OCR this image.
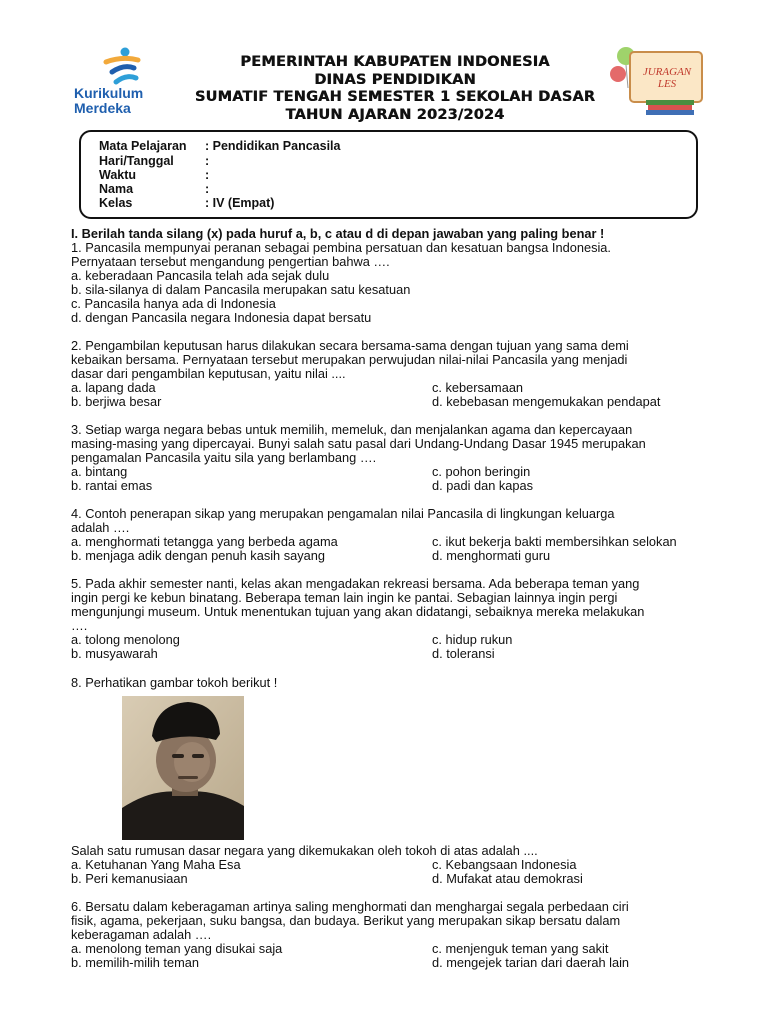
Kurikulum
Merdeka
PEMERINTAH KABUPATEN INDONESIA
DINAS PENDIDIKAN
SUMATIF TENGAH SEMESTER 1 SEKOLAH DASAR
TAHUN AJARAN 2023/2024
JURAGAN
LES
Mata Pelajaran : Pendidikan Pancasila
Hari/Tanggal :
Waktu	:
Nama	:
Kelas	: IV (Empat)
I. Berilah tanda silang (x) pada huruf a, b, c atau d di depan jawaban yang paling benar !
1. Pancasila mempunyai peranan sebagai pembina persatuan dan kesatuan bangsa Indonesia.
Pernyataan tersebut mengandung pengertian bahwa ….
a. keberadaan Pancasila telah ada sejak dulu
b. sila-silanya di dalam Pancasila merupakan satu kesatuan
c. Pancasila hanya ada di Indonesia
d. dengan Pancasila negara Indonesia dapat bersatu
2. Pengambilan keputusan harus dilakukan secara bersama-sama dengan tujuan yang sama demi
kebaikan bersama. Pernyataan tersebut merupakan perwujudan nilai-nilai Pancasila yang menjadi
dasar dari pengambilan keputusan, yaitu nilai ....
a. lapang dada	c. kebersamaan
b. berjiwa besar	d. kebebasan mengemukakan pendapat
3. Setiap warga negara bebas untuk memilih, memeluk, dan menjalankan agama dan kepercayaan
masing-masing yang dipercayai. Bunyi salah satu pasal dari Undang-Undang Dasar 1945 merupakan
pengamalan Pancasila yaitu sila yang berlambang ….
a. bintang	c. pohon beringin
b. rantai emas	d. padi dan kapas
4. Contoh penerapan sikap yang merupakan pengamalan nilai Pancasila di lingkungan keluarga
adalah ….
a. menghormati tetangga yang berbeda agama	c. ikut bekerja bakti membersihkan selokan
b. menjaga adik dengan penuh kasih sayang	d. menghormati guru
5. Pada akhir semester nanti, kelas akan mengadakan rekreasi bersama. Ada beberapa teman yang
ingin pergi ke kebun binatang. Beberapa teman lain ingin ke pantai. Sebagian lainnya ingin pergi
mengunjungi museum. Untuk menentukan tujuan yang akan didatangi, sebaiknya mereka melakukan
….
a. tolong menolong	c. hidup rukun
b. musyawarah	d. toleransi
8. Perhatikan gambar tokoh berikut !
Salah satu rumusan dasar negara yang dikemukakan oleh tokoh di atas adalah ....
a. Ketuhanan Yang Maha Esa	c. Kebangsaan Indonesia
b. Peri kemanusiaan	d. Mufakat atau demokrasi
6. Bersatu dalam keberagaman artinya saling menghormati dan menghargai segala perbedaan ciri
fisik, agama, pekerjaan, suku bangsa, dan budaya. Berikut yang merupakan sikap bersatu dalam
keberagaman adalah ….
a. menolong teman yang disukai saja	c. menjenguk teman yang sakit
b. memilih-milih teman	d. mengejek tarian dari daerah lain
